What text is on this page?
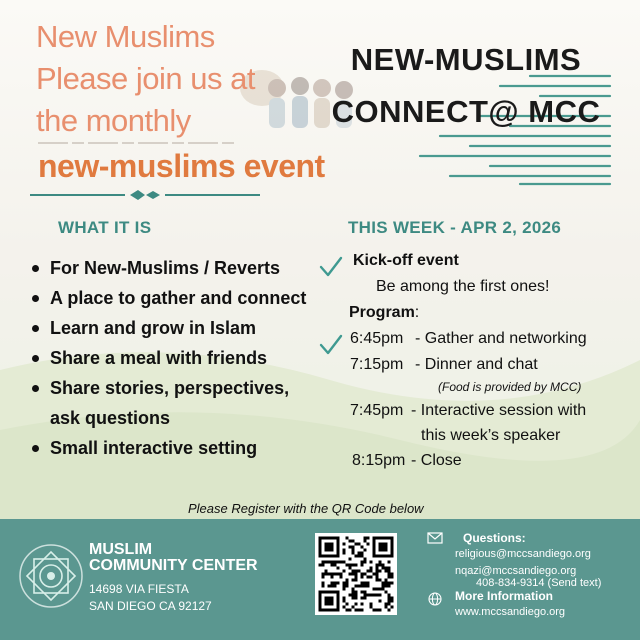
New Muslims
Please join us at
the monthly
new-muslims event
NEW-MUSLIMS
CONNECT@ MCC
WHAT IT IS
For New-Muslims / Reverts
A place to gather and connect
Learn and grow in Islam
Share a meal with friends
Share stories, perspectives, ask questions
Small interactive setting
THIS WEEK - APR 2, 2026
Kick-off event
Be among the first ones!
Program:
6:45pm - Gather and networking
7:15pm - Dinner and chat
(Food is provided by MCC)
7:45pm - Interactive session with
this week’s speaker
8:15pm - Close
Please Register with the QR Code below
MUSLIM
COMMUNITY CENTER
14698 VIA FIESTA
SAN DIEGO CA 92127
Questions:
religious@mccsandiego.org
nqazi@mccsandiego.org
408-834-9314 (Send text)
More Information
www.mccsandiego.org
